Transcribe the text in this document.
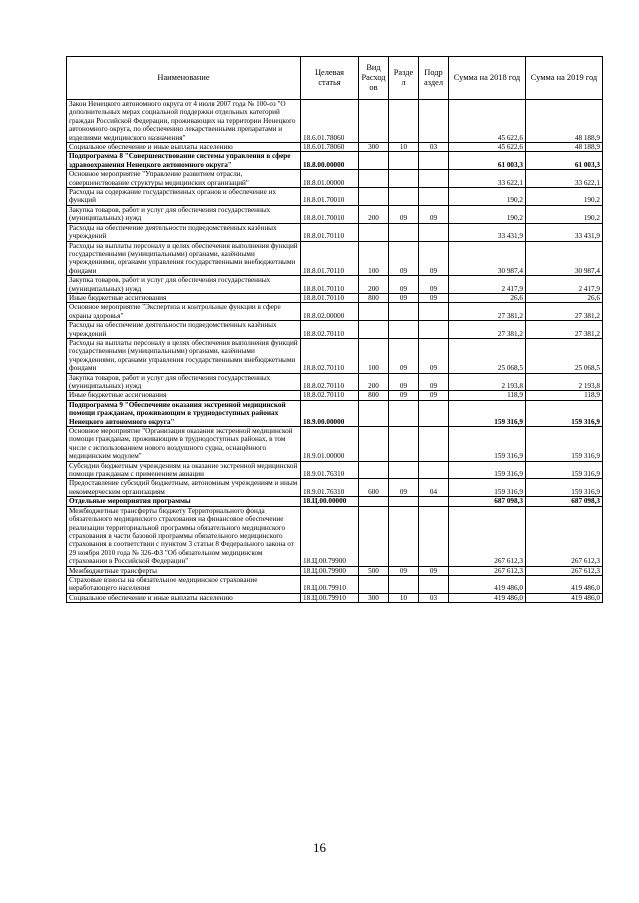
Наименование	Целевая статья	Вид Расход ов	Разде л	Подр аздел	Сумма на 2018 год	Сумма на 2019 год
Закон Ненецкого автономного округа от 4 июля 2007 года № 100-оз "О дополнительных мерах социальной поддержки отдельных категорий граждан Российской Федерации, проживающих на территории Ненецкого автономного округа, по обеспечению лекарственными препаратами и изделиями медицинского назначения"	18.6.01.78060				45 622,6	48 188,9
Социальное обеспечение и иные выплаты населению	18.6.01.78060	300	10	03	45 622,6	48 188,9
Подпрограмма 8 "Совершенствование системы управления в сфере здравоохранения Ненецкого автономного округа"	18.8.00.00000				61 003,3	61 003,3
Основное мероприятие "Управление развитием отрасли, совершенствование структуры медицинских организаций"	18.8.01.00000				33 622,1	33 622,1
Расходы на содержание государственных органов и обеспечение их функций	18.8.01.70010				190,2	190,2
Закупка товаров, работ и услуг для обеспечения государственных (муниципальных) нужд	18.8.01.70010	200	09	09	190,2	190,2
Расходы на обеспечение деятельности подведомственных казённых учреждений	18.8.01.70110				33 431,9	33 431,9
Расходы на выплаты персоналу в целях обеспечения выполнения функций государственными (муниципальными) органами, казёнными учреждениями, органами управления государственными внебюджетными фондами	18.8.01.70110	100	09	09	30 987,4	30 987,4
Закупка товаров, работ и услуг для обеспечения государственных (муниципальных) нужд	18.8.01.70110	200	09	09	2 417,9	2 417,9
Иные бюджетные ассигнования	18.8.01.70110	800	09	09	26,6	26,6
Основное мероприятие "Экспертиза и контрольные функции в сфере охраны здоровья"	18.8.02.00000				27 381,2	27 381,2
Расходы на обеспечение деятельности подведомственных казённых учреждений	18.8.02.70110				27 381,2	27 381,2
Расходы на выплаты персоналу в целях обеспечения выполнения функций государственными (муниципальными) органами, казёнными учреждениями, органами управления государственными внебюджетными фондами	18.8.02.70110	100	09	09	25 068,5	25 068,5
Закупка товаров, работ и услуг для обеспечения государственных (муниципальных) нужд	18.8.02.70110	200	09	09	2 193,8	2 193,8
Иные бюджетные ассигнования	18.8.02.70110	800	09	09	118,9	118,9
Подпрограмма 9 "Обеспечение оказания экстренной медицинской помощи гражданам, проживающим в труднодоступных районах Ненецкого автономного округа"	18.9.00.00000				159 316,9	159 316,9
Основное мероприятие "Организация оказания экстренной медицинской помощи гражданам, проживающим в труднодоступных районах, в том числе с использованием нового воздушного судна, оснащённого медицинским модулем"	18.9.01.00000				159 316,9	159 316,9
Субсидии бюджетным учреждениям на оказание экстренной медицинской помощи гражданам с применением авиации	18.9.01.76310				159 316,9	159 316,9
Предоставление субсидий бюджетным, автономным учреждениям и иным некоммерческим организациям	18.9.01.76310	600	09	04	159 316,9	159 316,9
Отдельные мероприятия программы	18.Ц.00.00000				687 098,3	687 098,3
Межбюджетные трансферты бюджету Территориального фонда обязательного медицинского страхования на финансовое обеспечение реализации территориальной программы обязательного медицинского страхования в части базовой программы обязательного медицинского страхования в соответствии с пунктом 3 статьи 8 Федерального закона от 29 ноября 2010 года № 326-ФЗ "Об обязательном медицинском страховании в Российской Федерации"	18.Ц.00.79900				267 612,3	267 612,3
Межбюджетные трансферты	18.Ц.00.79900	500	09	09	267 612,3	267 612,3
Страховые взносы на обязательное медицинское страхование неработающего населения	18.Ц.00.79910				419 486,0	419 486,0
Социальное обеспечение и иные выплаты населению	18.Ц.00.79910	300	10	03	419 486,0	419 486,0
16
